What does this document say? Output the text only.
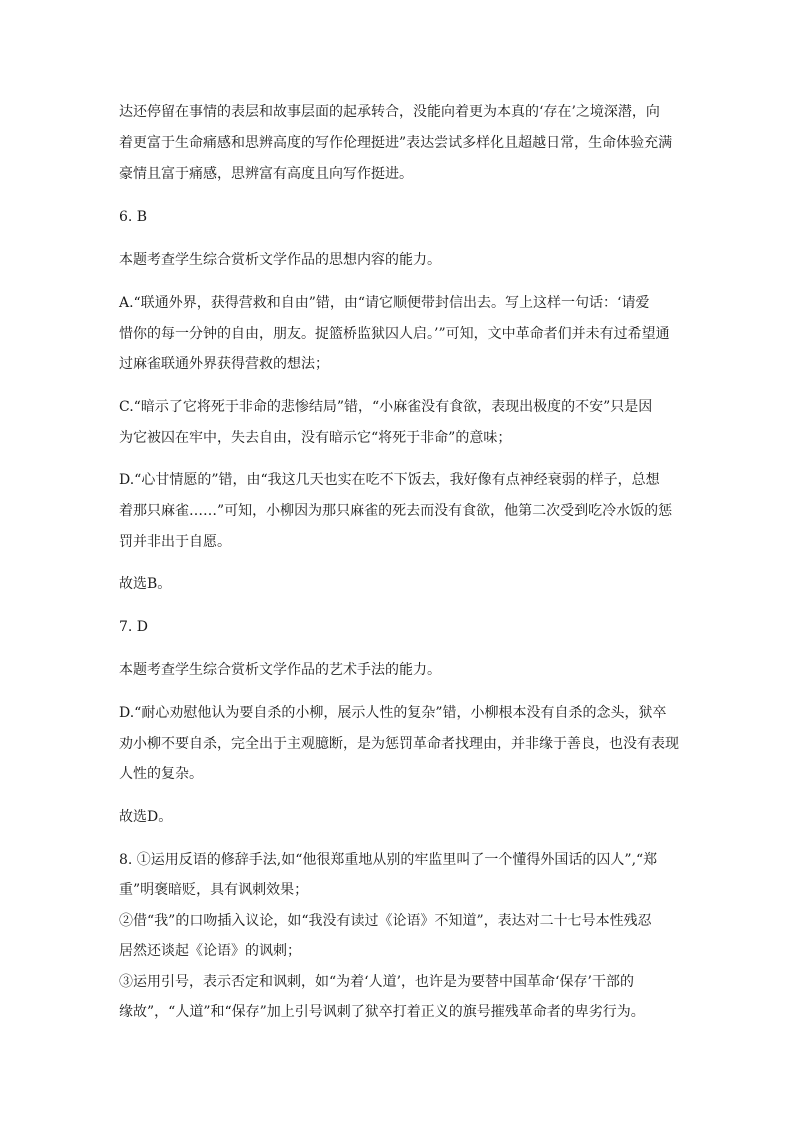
达还停留在事情的表层和故事层面的起承转合，没能向着更为本真的‘存在’之境深潜，向
着更富于生命痛感和思辨高度的写作伦理挺进”表达尝试多样化且超越日常，生命体验充满
豪情且富于痛感，思辨富有高度且向写作挺进。
6. B
本题考查学生综合赏析文学作品的思想内容的能力。
A.“联通外界，获得营救和自由”错，由“请它顺便带封信出去。写上这样一句话：‘请爱
惜你的每一分钟的自由，朋友。捉篮桥监狱囚人启。’”可知，文中革命者们并未有过希望通
过麻雀联通外界获得营救的想法；
C.“暗示了它将死于非命的悲惨结局”错，“小麻雀没有食欲，表现出极度的不安”只是因
为它被囚在牢中，失去自由，没有暗示它“将死于非命”的意味；
D.“心甘情愿的”错，由“我这几天也实在吃不下饭去，我好像有点神经衰弱的样子，总想
着那只麻雀……”可知，小柳因为那只麻雀的死去而没有食欲，他第二次受到吃冷水饭的惩
罚并非出于自愿。
故选B。
7. D
本题考查学生综合赏析文学作品的艺术手法的能力。
D.“耐心劝慰他认为要自杀的小柳，展示人性的复杂”错，小柳根本没有自杀的念头，狱卒
劝小柳不要自杀，完全出于主观臆断，是为惩罚革命者找理由，并非缘于善良，也没有表现
人性的复杂。
故选D。
8. ①运用反语的修辞手法,如“他很郑重地从别的牢监里叫了一个懂得外国话的囚人”,“郑
重”明褒暗贬，具有讽刺效果；
②借“我”的口吻插入议论，如“我没有读过《论语》不知道”，表达对二十七号本性残忍
居然还谈起《论语》的讽刺；
③运用引号，表示否定和讽刺，如“为着‘人道’，也许是为要替中国革命‘保存’干部的
缘故”，“人道”和“保存”加上引号讽刺了狱卒打着正义的旗号摧残革命者的卑劣行为。
